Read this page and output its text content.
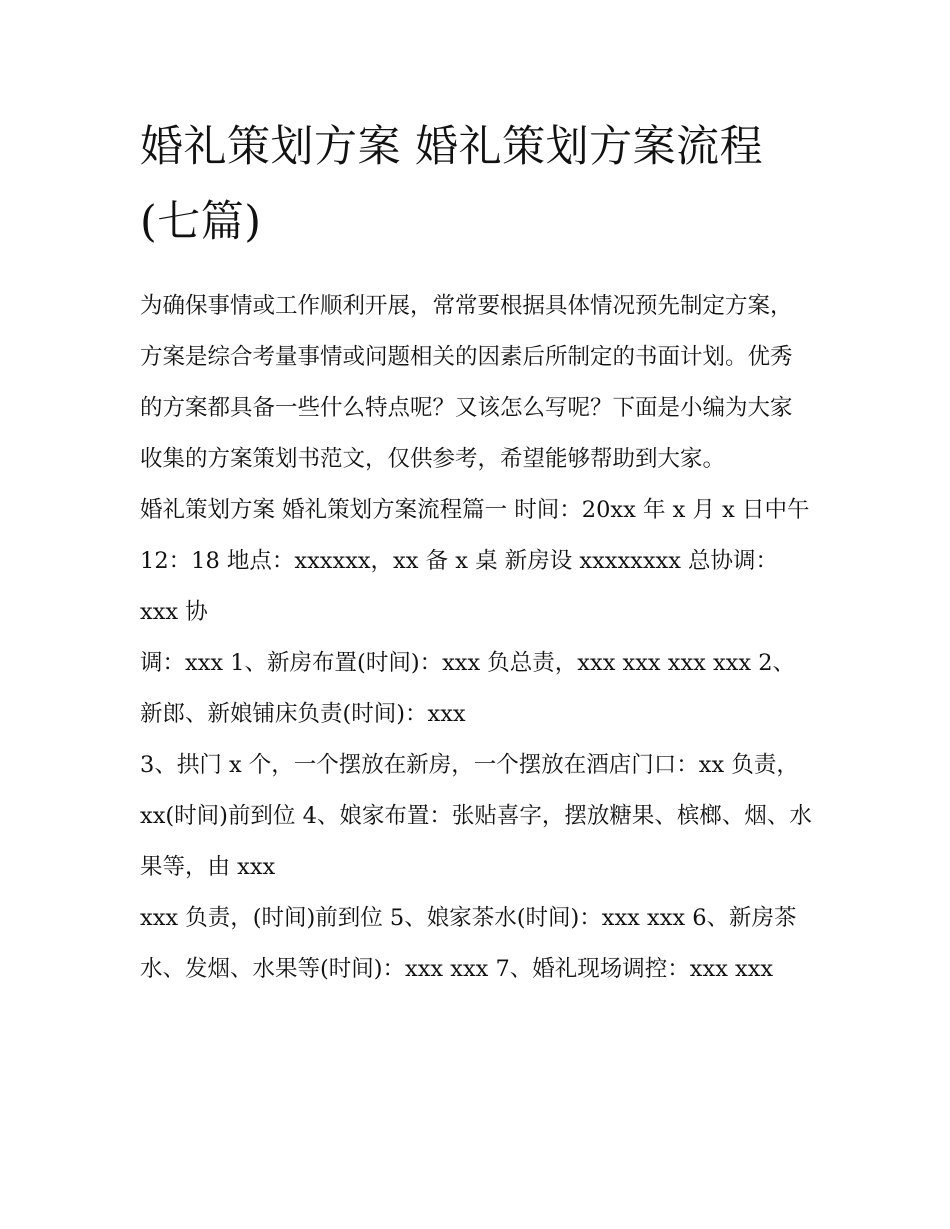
婚礼策划方案 婚礼策划方案流程(七篇)

为确保事情或工作顺利开展，常常要根据具体情况预先制定方案，方案是综合考量事情或问题相关的因素后所制定的书面计划。优秀的方案都具备一些什么特点呢？又该怎么写呢？下面是小编为大家收集的方案策划书范文，仅供参考，希望能够帮助到大家。

婚礼策划方案 婚礼策划方案流程篇一 时间：20xx 年 x 月 x 日中午 12：18 地点：xxxxxx，xx 备 x 桌 新房设 xxxxxxxx 总协调：xxx 协

调：xxx 1、新房布置(时间)：xxx 负总责，xxx xxx xxx xxx 2、新郎、新娘铺床负责(时间)：xxx

3、拱门 x 个，一个摆放在新房，一个摆放在酒店门口：xx 负责，xx(时间)前到位 4、娘家布置：张贴喜字，摆放糖果、槟榔、烟、水果等，由 xxx

xxx 负责，(时间)前到位 5、娘家茶水(时间)：xxx xxx 6、新房茶水、发烟、水果等(时间)：xxx xxx 7、婚礼现场调控：xxx xxx
